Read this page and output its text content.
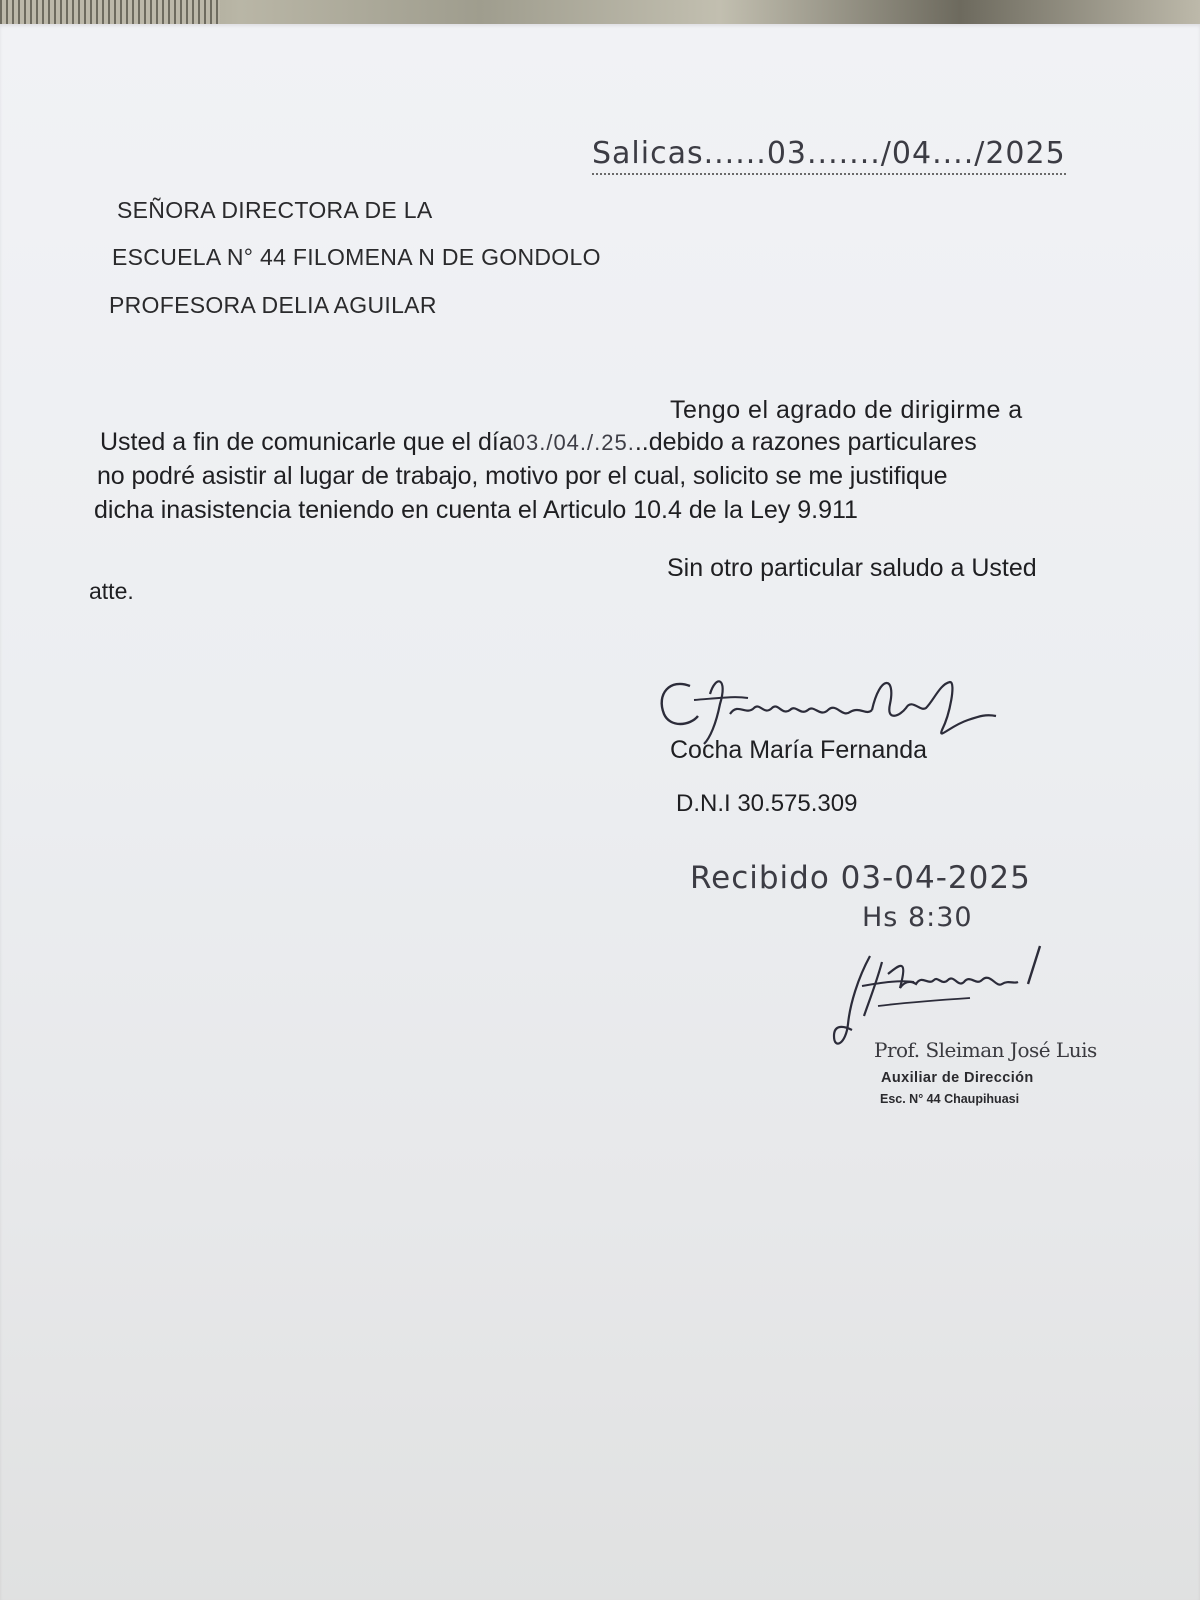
Salicas......03......./04..../2025
SEÑORA DIRECTORA DE LA
ESCUELA N° 44 FILOMENA N DE GONDOLO
PROFESORA DELIA AGUILAR
Tengo el agrado de dirigirme a
Usted a fin de comunicarle que el día03./04./.25...debido a razones particulares
no podré asistir al lugar de trabajo, motivo por el cual, solicito se me justifique
dicha inasistencia teniendo en cuenta el Articulo 10.4 de la Ley 9.911
Sin otro particular saludo a Usted
atte.
Cocha María Fernanda
D.N.I 30.575.309
Recibido 03-04-2025
Hs 8:30
Prof. Sleiman José Luis
Auxiliar de Dirección
Esc. N° 44 Chaupihuasi
